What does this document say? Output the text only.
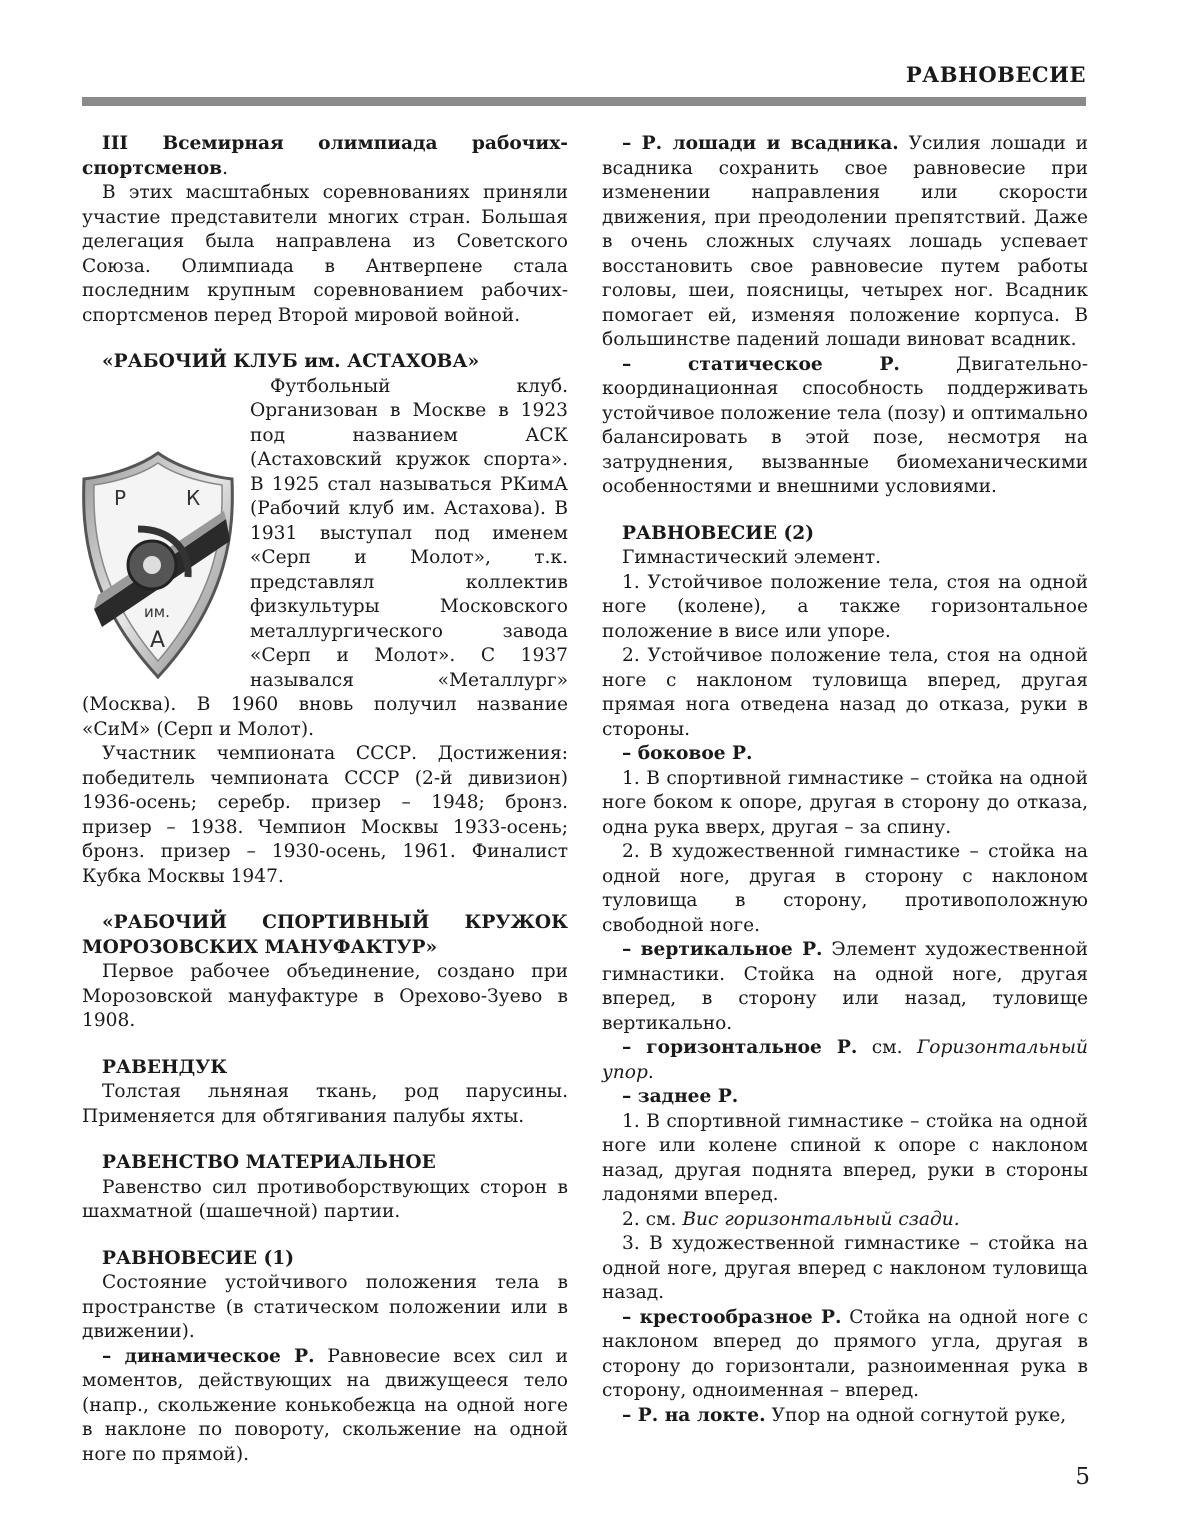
РАВНОВЕСИЕ

III Всемирная олимпиада рабочих-спортсменов.

В этих масштабных соревнованиях приняли участие представители многих стран. Большая делегация была направлена из Советского Союза. Олимпиада в Антверпене стала последним крупным соревнованием рабочих-спортсменов перед Второй мировой войной.

«РАБОЧИЙ КЛУБ им. АСТАХОВА»

Р	К
им.
А

Футбольный клуб. Организован в Москве в 1923 под названием АСК (Астаховский кружок спорта». В 1925 стал называться РКимА (Рабочий клуб им. Астахова). В 1931 выступал под именем «Серп и Молот», т.к. представлял коллектив физкультуры Московского металлургического завода «Серп и Молот». С 1937 назывался «Металлург» (Москва). В 1960 вновь получил название «СиМ» (Серп и Молот).

Участник чемпионата СССР. Достижения: победитель чемпионата СССР (2-й дивизион) 1936-осень; серебр. призер – 1948; бронз. призер – 1938. Чемпион Москвы 1933-осень; бронз. призер – 1930-осень, 1961. Финалист Кубка Москвы 1947.

«РАБОЧИЙ СПОРТИВНЫЙ КРУЖОК МОРОЗОВСКИХ МАНУФАКТУР»

Первое рабочее объединение, создано при Морозовской мануфактуре в Орехово-Зуево в 1908.

РАВЕНДУК

Толстая льняная ткань, род парусины. Применяется для обтягивания палубы яхты.

РАВЕНСТВО МАТЕРИАЛЬНОЕ

Равенство сил противоборствующих сторон в шахматной (шашечной) партии.

РАВНОВЕСИЕ (1)

Состояние устойчивого положения тела в пространстве (в статическом положении или в движении).

– динамическое Р. Равновесие всех сил и моментов, действующих на движущееся тело (напр., скольжение конькобежца на одной ноге в наклоне по повороту, скольжение на одной ноге по прямой).

– Р. лошади и всадника. Усилия лошади и всадника сохранить свое равновесие при изменении направления или скорости движения, при преодолении препятствий. Даже в очень сложных случаях лошадь успевает восстановить свое равновесие путем работы головы, шеи, поясницы, четырех ног. Всадник помогает ей, изменяя положение корпуса. В большинстве падений лошади виноват всадник.

– статическое Р. Двигательно-координационная способность поддерживать устойчивое положение тела (позу) и оптимально балансировать в этой позе, несмотря на затруднения, вызванные биомеханическими особенностями и внешними условиями.

РАВНОВЕСИЕ (2)

Гимнастический элемент.

1. Устойчивое положение тела, стоя на одной ноге (колене), а также горизонтальное положение в висе или упоре.

2. Устойчивое положение тела, стоя на одной ноге с наклоном туловища вперед, другая прямая нога отведена назад до отказа, руки в стороны.

– боковое Р.

1. В спортивной гимнастике – стойка на одной ноге боком к опоре, другая в сторону до отказа, одна рука вверх, другая – за спину.

2. В художественной гимнастике – стойка на одной ноге, другая в сторону с наклоном туловища в сторону, противоположную свободной ноге.

– вертикальное Р. Элемент художественной гимнастики. Стойка на одной ноге, другая вперед, в сторону или назад, туловище вертикально.

– горизонтальное Р. см. Горизонтальный упор.

– заднее Р.

1. В спортивной гимнастике – стойка на одной ноге или колене спиной к опоре с наклоном назад, другая поднята вперед, руки в стороны ладонями вперед.

2. см. Вис горизонтальный сзади.

3. В художественной гимнастике – стойка на одной ноге, другая вперед с наклоном туловища назад.

– крестообразное Р. Стойка на одной ноге с наклоном вперед до прямого угла, другая в сторону до горизонтали, разноименная рука в сторону, одноименная – вперед.

– Р. на локте. Упор на одной согнутой руке,

5
